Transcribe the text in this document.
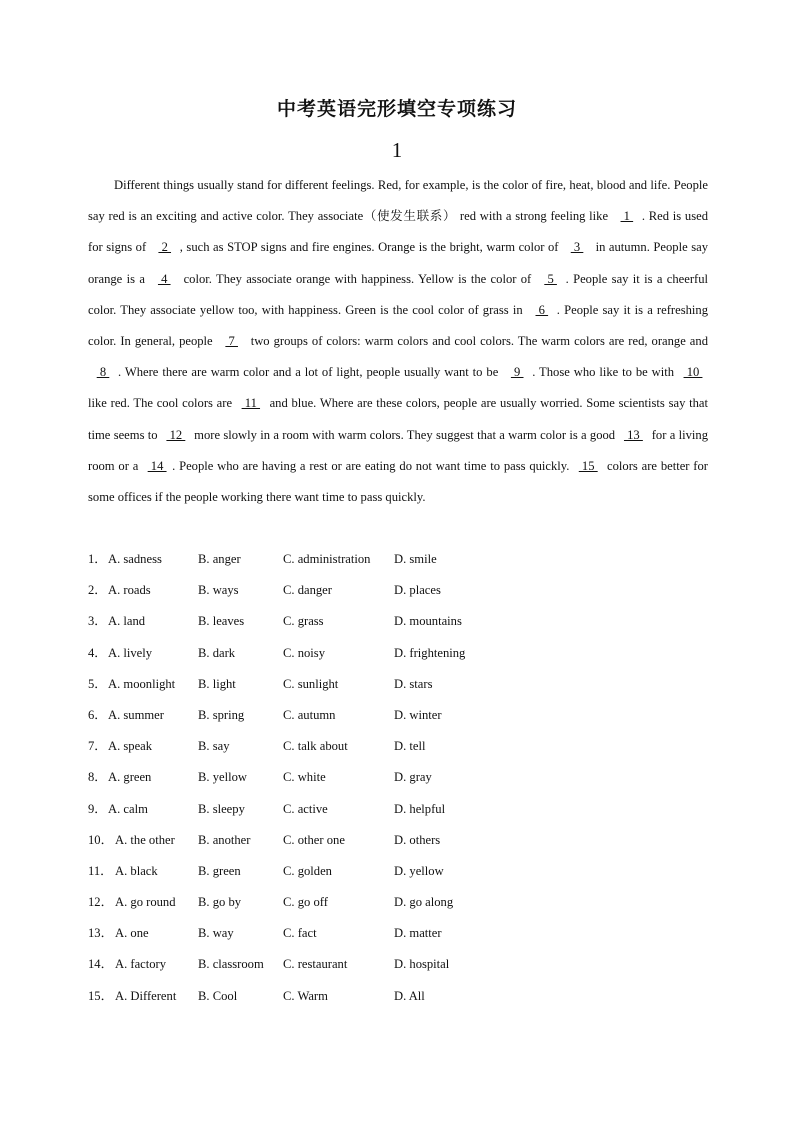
中考英语完形填空专项练习
1

Different things usually stand for different feelings. Red, for example, is the color of fire, heat, blood and life. People say red is an exciting and active color. They associate（使发生联系） red with a strong feeling like  1 . Red is used for signs of  2 , such as STOP signs and fire engines. Orange is the bright, warm color of  3  in autumn. People say orange is a  4  color. They associate orange with happiness. Yellow is the color of  5 . People say it is a cheerful color. They associate yellow too, with happiness. Green is the cool color of grass in  6 . People say it is a refreshing color. In general, people  7  two groups of colors: warm colors and cool colors. The warm colors are red, orange and  8 . Where there are warm color and a lot of light, people usually want to be  9 . Those who like to be with  10  like red. The cool colors are  11  and blue. Where are these colors, people are usually worried. Some scientists say that time seems to  12  more slowly in a room with warm colors. They suggest that a warm color is a good  13  for a living room or a  14 . People who are having a rest or are eating do not want time to pass quickly.  15  colors are better for some offices if the people working there want time to pass quickly.

1． A. sadness	B. anger	C. administration D. smile
2． A. roads	B. ways	C. danger	D. places
3． A. land	B. leaves	C. grass	D. mountains
4． A. lively	B. dark	C. noisy	D. frightening
5． A. moonlight B. light	C. sunlight	D. stars
6． A. summer	B. spring	C. autumn	D. winter
7． A. speak	B. say	C. talk about	D. tell
8． A. green	B. yellow	C. white	D. gray
9． A. calm	B. sleepy	C. active	D. helpful
10． A. the other B. another	C. other one	D. others
11． A. black	B. green	C. golden	D. yellow
12． A. go round B. go by	C. go off	D. go along
13． A. one	B. way	C. fact	D. matter
14． A. factory	B. classroom C. restaurant	D. hospital
15． A. Different B. Cool	C. Warm	D. All
